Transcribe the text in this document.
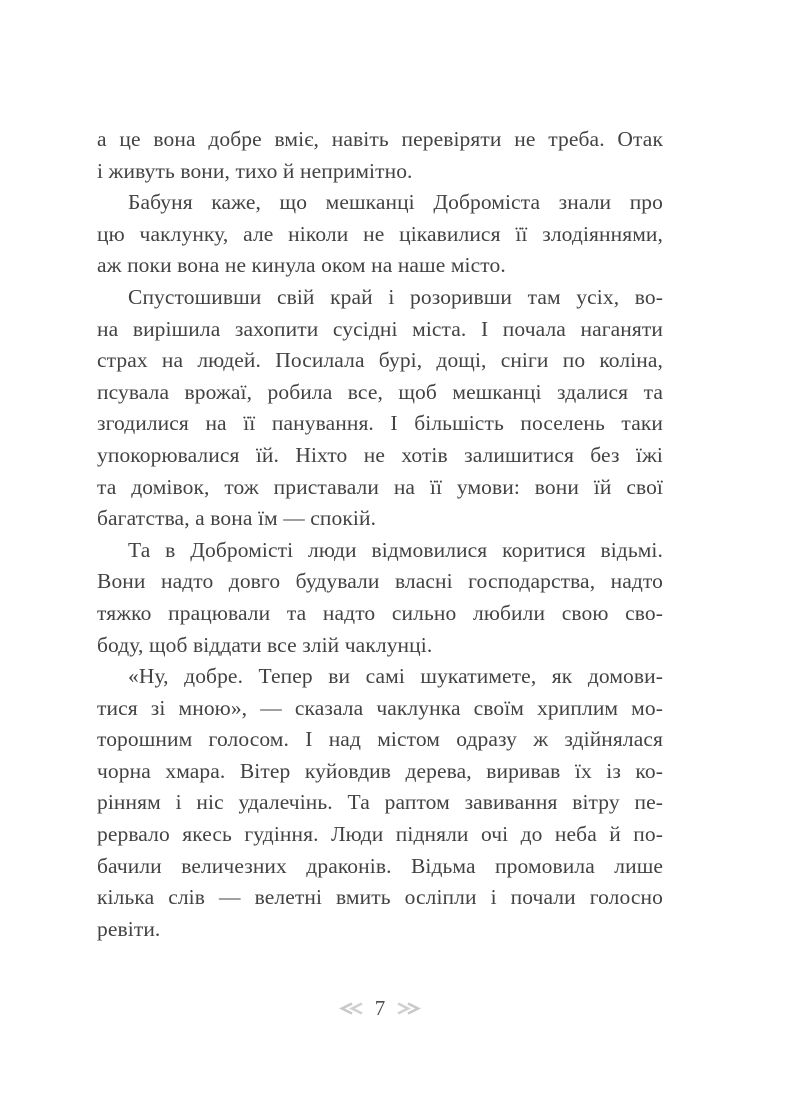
а це вона добре вміє, навіть перевіряти не треба. Отак
і живуть вони, тихо й непримітно.

Бабуня каже, що мешканці Доброміста знали про
цю чаклунку, але ніколи не цікавилися її злодіяннями,
аж поки вона не кинула оком на наше місто.

Спустошивши свій край і розоривши там усіх, во-
на вирішила захопити сусідні міста. І почала наганяти
страх на людей. Посилала бурі, дощі, сніги по коліна,
псувала врожаї, робила все, щоб мешканці здалися та
згодилися на її панування. І більшість поселень таки
упокорювалися їй. Ніхто не хотів залишитися без їжі
та домівок, тож приставали на її умови: вони їй свої
багатства, а вона їм — спокій.

Та в Добромісті люди відмовилися коритися відьмі.
Вони надто довго будували власні господарства, надто
тяжко працювали та надто сильно любили свою сво-
боду, щоб віддати все злій чаклунці.

«Ну, добре. Тепер ви самі шукатимете, як домови-
тися зі мною», — сказала чаклунка своїм хриплим мо-
торошним голосом. І над містом одразу ж здійнялася
чорна хмара. Вітер куйовдив дерева, виривав їх із ко-
рінням і ніс удалечінь. Та раптом завивання вітру пе-
рервало якесь гудіння. Люди підняли очі до неба й по-
бачили величезних драконів. Відьма промовила лише
кілька слів — велетні вмить осліпли і почали голосно
ревіти.

7
